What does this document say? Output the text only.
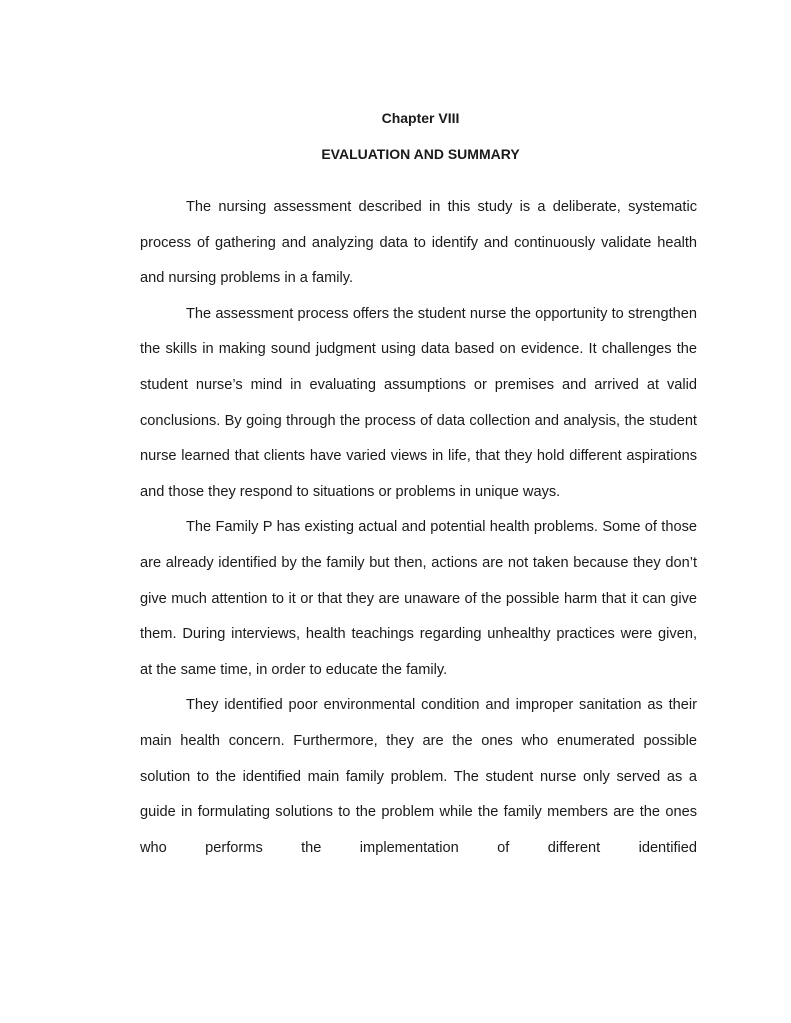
Chapter VIII
EVALUATION AND SUMMARY

The nursing assessment described in this study is a deliberate, systematic process of gathering and analyzing data to identify and continuously validate health and nursing problems in a family.

The assessment process offers the student nurse the opportunity to strengthen the skills in making sound judgment using data based on evidence. It challenges the student nurse’s mind in evaluating assumptions or premises and arrived at valid conclusions. By going through the process of data collection and analysis, the student nurse learned that clients have varied views in life, that they hold different aspirations and those they respond to situations or problems in unique ways.

The Family P has existing actual and potential health problems. Some of those are already identified by the family but then, actions are not taken because they don’t give much attention to it or that they are unaware of the possible harm that it can give them. During interviews, health teachings regarding unhealthy practices were given, at the same time, in order to educate the family.

They identified poor environmental condition and improper sanitation as their main health concern. Furthermore, they are the ones who enumerated possible solution to the identified main family problem. The student nurse only served as a guide in formulating solutions to the problem while the family members are the ones who performs the implementation of different identified
